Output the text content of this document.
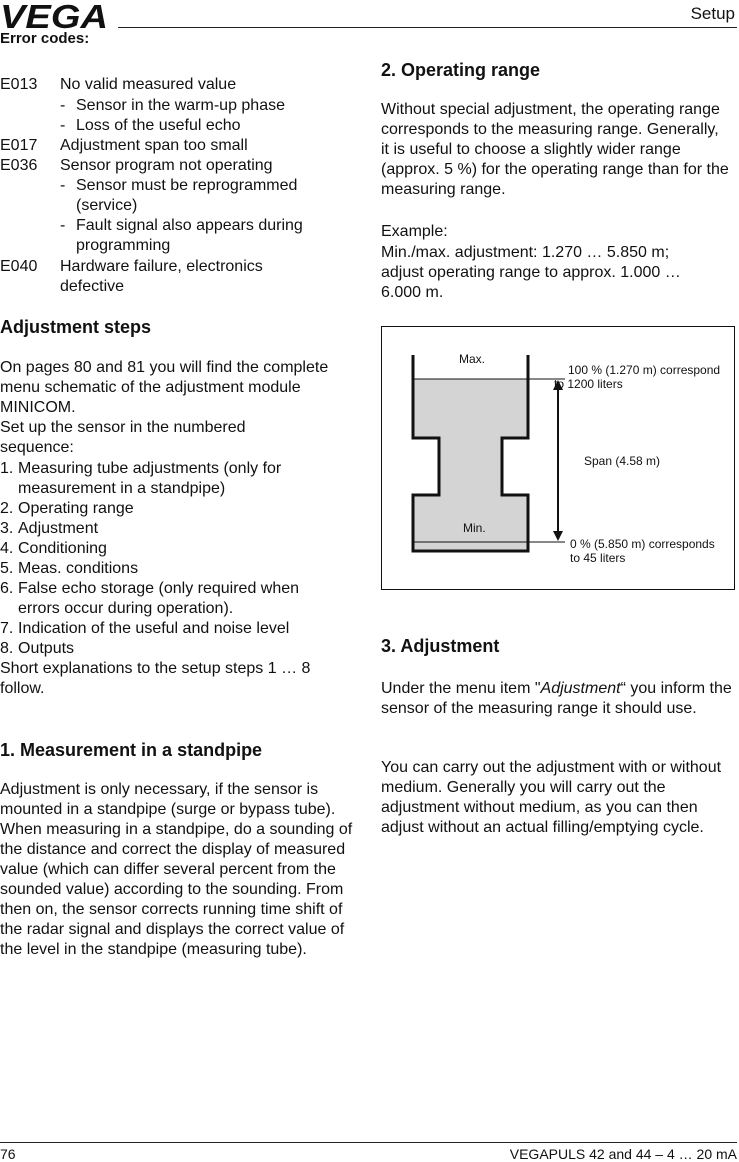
VEGA	Setup
Error codes:
E013 No valid measured value
- Sensor in the warm-up phase
- Loss of the useful echo
E017 Adjustment span too small
E036 Sensor program not operating
- Sensor must be reprogrammed (service)
- Fault signal also appears during programming
E040 Hardware failure, electronics defective
Adjustment steps

On pages 80 and 81 you will find the complete menu schematic of the adjustment module MINICOM.

Set up the sensor in the numbered sequence:

1. Measuring tube adjustments (only for measurement in a standpipe)
2. Operating range
3. Adjustment
4. Conditioning
5. Meas. conditions
6. False echo storage (only required when errors occur during operation).
7. Indication of the useful and noise level
8. Outputs

Short explanations to the setup steps 1 … 8 follow.

1. Measurement in a standpipe

Adjustment is only necessary, if the sensor is mounted in a standpipe (surge or bypass tube). When measuring in a standpipe, do a sounding of the distance and correct the display of measured value (which can differ several percent from the sounded value) according to the sounding. From then on, the sensor corrects running time shift of the radar signal and displays the correct value of the level in the standpipe (measuring tube).

2. Operating range

Without special adjustment, the operating range corresponds to the measuring range. Generally, it is useful to choose a slightly wider range (approx. 5 %) for the operating range than for the measuring range.

Example:

Min./max. adjustment: 1.270 … 5.850 m;

adjust operating range to approx. 1.000 … 6.000 m.

3. Adjustment

Under the menu item "Adjustment“ you inform the sensor of the measuring range it should use.

You can carry out the adjustment with or without medium. Generally you will carry out the adjustment without medium, as you can then adjust without an actual filling/emptying cycle.

Max.
Min.
100 % (1.270 m) correspond
to 1200 liters
Span (4.58 m)
0 % (5.850 m) corresponds
to 45 liters
76	VEGAPULS 42 and 44 – 4 … 20 mA
